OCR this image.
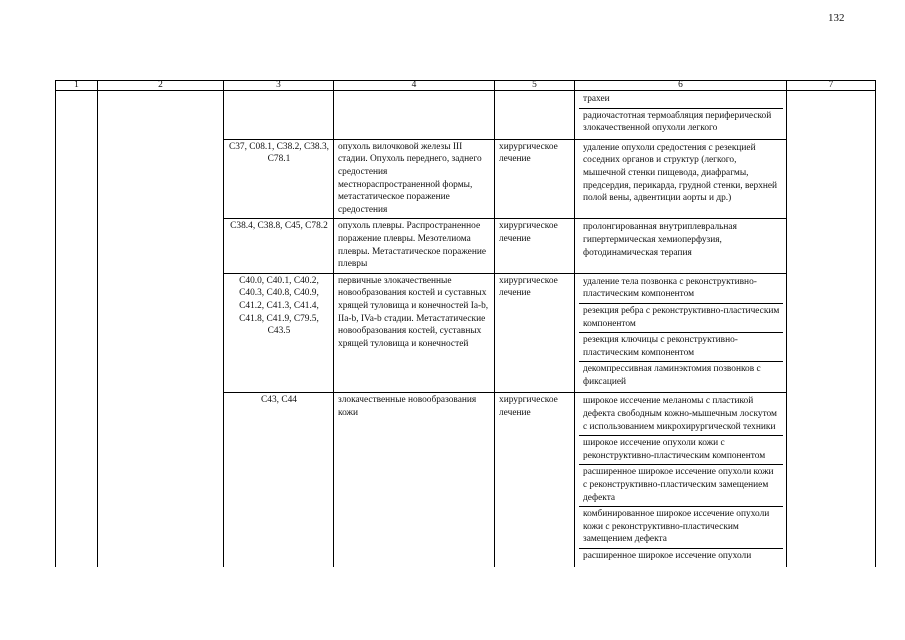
132
1	2	3	4	5	6	7

					трахеи
радиочастотная термоабляция периферической злокачественной опухоли легкого	

		C37, C08.1, C38.2, C38.3, C78.1	опухоль вилочковой железы III стадии. Опухоль переднего, заднего средостения местнораспространенной формы, метастатическое поражение средостения	хирургическое лечение	удаление опухоли средостения с резекцией соседних органов и структур (легкого, мышечной стенки пищевода, диафрагмы, предсердия, перикарда, грудной стенки, верхней полой вены, адвентиции аорты и др.)	

		C38.4, C38.8, C45, C78.2	опухоль плевры. Распространенное поражение плевры. Мезотелиома плевры. Метастатическое поражение плевры	хирургическое лечение	пролонгированная внутриплевральная гипертермическая хемиоперфузия, фотодинамическая терапия	

		C40.0, C40.1, C40.2, C40.3, C40.8, C40.9, C41.2, C41.3, C41.4, C41.8, C41.9, C79.5, C43.5	первичные злокачественные новообразования костей и суставных хрящей туловища и конечностей Ia-b, IIa-b, IVa-b стадии. Метастатические новообразования костей, суставных хрящей туловища и конечностей	хирургическое лечение	удаление тела позвонка с реконструктивно-пластическим компонентом
резекция ребра с реконструктивно-пластическим компонентом
резекция ключицы с реконструктивно-пластическим компонентом
декомпрессивная ламинэктомия позвонков с фиксацией	

		C43, C44	злокачественные новообразования кожи	хирургическое лечение	широкое иссечение меланомы с пластикой дефекта свободным кожно-мышечным лоскутом с использованием микрохирургической техники
широкое иссечение опухоли кожи с реконструктивно-пластическим компонентом
расширенное широкое иссечение опухоли кожи с реконструктивно-пластическим замещением дефекта
комбинированное широкое иссечение опухоли кожи с реконструктивно-пластическим замещением дефекта
расширенное широкое иссечение опухоли	
